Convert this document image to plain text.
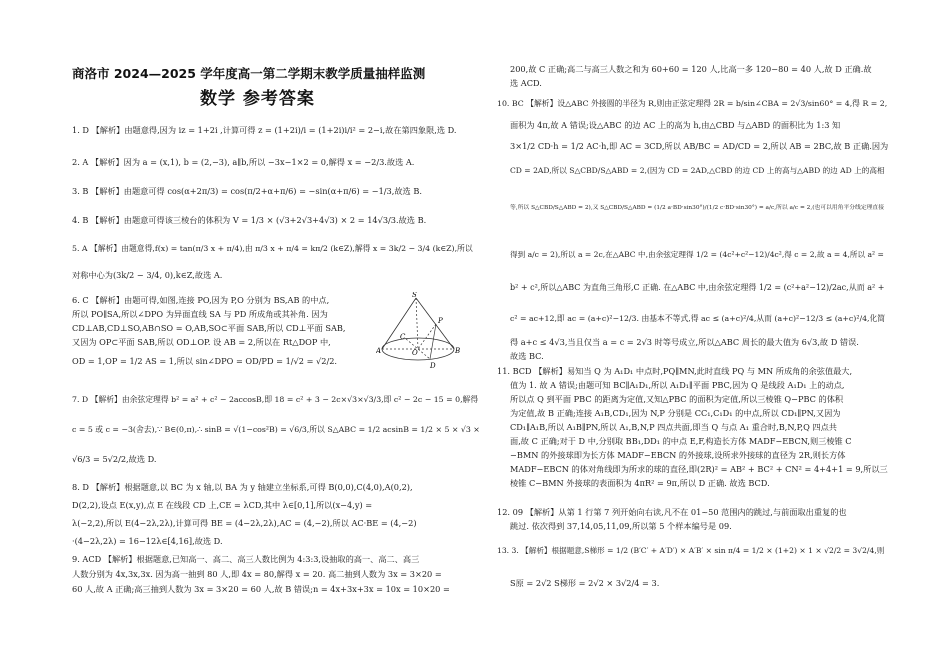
商洛市 2024—2025 学年度高一第二学期末教学质量抽样监测
数学 参考答案
1. D 【解析】由题意得,因为 iz = 1+2i ,计算可得 z = (1+2i)/i = (1+2i)i/i² = 2−i,故在第四象限,选 D.
2. A 【解析】因为 a = (x,1), b = (2,−3), a∥b,所以 −3x−1×2 = 0,解得 x = −2/3.故选 A.
3. B 【解析】由题意可得 cos(α+2π/3) = cos(π/2+α+π/6) = −sin(α+π/6) = −1/3,故选 B.
4. B 【解析】由题意可得该三棱台的体积为 V = 1/3 × (√3+2√3+4√3) × 2 = 14√3/3.故选 B.
5. A 【解析】由题意得,f(x) = tan(π/3 x + π/4),由 π/3 x + π/4 = kπ/2 (k∈Z),解得 x = 3k/2 − 3/4 (k∈Z),所以
对称中心为(3k/2 − 3/4, 0),k∈Z,故选 A.
6. C 【解析】由题可得,如图,连接 PO,因为 P,O 分别为 BS,AB 的中点,
所以 PO∥SA,所以∠DPO 为异面直线 SA 与 PD 所成角或其补角. 因为
CD⊥AB,CD⊥SO,AB∩SO = O,AB,SO⊂平面 SAB,所以 CD⊥平面 SAB,
又因为 OP⊂平面 SAB,所以 OD⊥OP. 设 AB = 2,所以在 Rt△DOP 中,
OD = 1,OP = 1/2 AS = 1,所以 sin∠DPO = OD/PD = 1/√2 = √2/2.
S
P
A	O	B
C
D
7. D 【解析】由余弦定理得 b² = a² + c² − 2accosB,即 18 = c² + 3 − 2c×√3×√3/3,即 c² − 2c − 15 = 0,解得
c = 5 或 c = −3(舍去),∵ B∈(0,π),∴ sinB = √(1−cos²B) = √6/3,所以 S△ABC = 1/2 acsinB = 1/2 × 5 × √3 ×
√6/3 = 5√2/2,故选 D.
8. D 【解析】根据题意,以 BC 为 x 轴,以 BA 为 y 轴建立坐标系,可得 B(0,0),C(4,0),A(0,2),
D(2,2),设点 E(x,y),点 E 在线段 CD 上,CE = λCD,其中 λ∈[0,1],所以(x−4,y) =
λ(−2,2),所以 E(4−2λ,2λ),计算可得 BE = (4−2λ,2λ),AC = (4,−2),所以 AC·BE = (4,−2)
·(4−2λ,2λ) = 16−12λ∈[4,16],故选 D.
9. ACD 【解析】根据题意,已知高一、高二、高三人数比例为 4:3:3,设抽取的高一、高二、高三
人数分别为 4x,3x,3x. 因为高一抽到 80 人,即 4x = 80,解得 x = 20. 高二抽到人数为 3x = 3×20 =
60 人,故 A 正确;高三抽到人数为 3x = 3×20 = 60 人,故 B 错误;n = 4x+3x+3x = 10x = 10×20 =
200,故 C 正确;高二与高三人数之和为 60+60 = 120 人,比高一多 120−80 = 40 人,故 D 正确.故
选 ACD.
10. BC 【解析】设△ABC 外接圆的半径为 R,则由正弦定理得 2R = b/sin∠CBA = 2√3/sin60° = 4,得 R = 2,
面积为 4π,故 A 错误;设△ABC 的边 AC 上的高为 h,由△CBD 与△ABD 的面积比为 1:3 知
3×1/2 CD·h = 1/2 AC·h,即 AC = 3CD,所以 AB/BC = AD/CD = 2,所以 AB = 2BC,故 B 正确.因为
CD = 2AD,所以 S△CBD/S△ABD = 2,(因为 CD = 2AD,△CBD 的边 CD 上的高与△ABD 的边 AD 上的高相
等,所以 S△CBD/S△ABD = 2),又 S△CBD/S△ABD = (1/2 a·BD·sin30°)/(1/2 c·BD·sin30°) = a/c,所以 a/c = 2,(也可以用角平分线定理直接
得到 a/c = 2),所以 a = 2c,在△ABC 中,由余弦定理得 1/2 = (4c²+c²−12)/4c²,得 c = 2,故 a = 4,所以 a² =
b² + c²,所以△ABC 为直角三角形,C 正确. 在△ABC 中,由余弦定理得 1/2 = (c²+a²−12)/2ac,从而 a² +
c² = ac+12,即 ac = (a+c)²−12/3. 由基本不等式,得 ac ≤ (a+c)²/4,从而 (a+c)²−12/3 ≤ (a+c)²/4,化简
得 a+c ≤ 4√3,当且仅当 a = c = 2√3 时等号成立,所以△ABC 周长的最大值为 6√3,故 D 错误.
故选 BC.
11. BCD 【解析】易知当 Q 为 A₁D₁ 中点时,PQ∥MN,此时直线 PQ 与 MN 所成角的余弦值最大,
值为 1. 故 A 错误;由题可知 BC∥A₁D₁,所以 A₁D₁∥平面 PBC,因为 Q 是线段 A₁D₁ 上的动点,
所以点 Q 到平面 PBC 的距离为定值,又知△PBC 的面积为定值,所以三棱锥 Q−PBC 的体积
为定值,故 B 正确;连接 A₁B,CD₁,因为 N,P 分别是 CC₁,C₁D₁ 的中点,所以 CD₁∥PN,又因为
CD₁∥A₁B,所以 A₁B∥PN,所以 A₁,B,N,P 四点共面,即当 Q 与点 A₁ 重合时,B,N,P,Q 四点共
面,故 C 正确;对于 D 中,分别取 BB₁,DD₁ 的中点 E,F,构造长方体 MADF−EBCN,则三棱锥 C
−BMN 的外接球即为长方体 MADF−EBCN 的外接球,设所求外接球的直径为 2R,则长方体
MADF−EBCN 的体对角线即为所求的球的直径,即(2R)² = AB² + BC² + CN² = 4+4+1 = 9,所以三
棱锥 C−BMN 外接球的表面积为 4πR² = 9π,所以 D 正确. 故选 BCD.
12. 09 【解析】从第 1 行第 7 列开始向右读,凡不在 01~50 范围内的跳过,与前面取出重复的也
跳过. 依次得到 37,14,05,11,09,所以第 5 个样本编号是 09.
13. 3. 【解析】根据题意,S梯形 = 1/2 (B′C′ + A′D′) × A′B′ × sin π/4 = 1/2 × (1+2) × 1 × √2/2 = 3√2/4,则
S原 = 2√2 S梯形 = 2√2 × 3√2/4 = 3.
